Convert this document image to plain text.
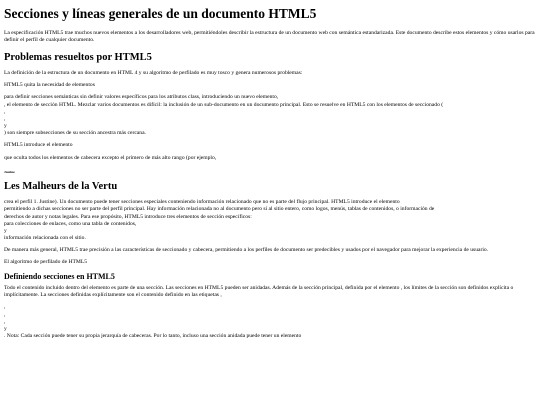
Secciones y líneas generales de un documento HTML5

La especificación HTML5 trae muchos nuevos elementos a los desarrolladores web, permitiéndoles describir la estructura de un documento web con semántica estandarizada. Este documento describe estos elementos y cómo usarlos para definir el perfil de cualquier documento.

Problemas resueltos por HTML5

La definición de la estructura de un documento en HTML 4 y su algoritmo de perfilado es muy tosco y genera numerosos problemas:

HTML5 quita la necesidad de elementos

para definir secciones semánticas sin definir valores específicos para los atributos class, introduciendo un nuevo elemento,
, el elemento de sección HTML. Mezclar varios documentos es difícil: la inclusión de un sub-documento en un documento principal. Esto se resuelve en HTML5 con los elementos de seccionado (
,
,
y
) son siempre subsecciones de su sección ancestra más cercana.

HTML5 introduce el elemento

que oculta todos los elementos de cabecera excepto el primero de más alto rango (por ejemplo,

Justine
Les Malheurs de la Vertu

crea el perfil 1. Justine). Un documento puede tener secciones especiales conteniendo información relacionado que no es parte del flujo principal. HTML5 introduce el elemento
permitiendo a dichas secciones no ser parte del perfil principal. Hay información relacionada no al documento pero sí al sitio entero, como logos, menús, tablas de contenidos, o información de
derechos de autor y notas legales. Para ese propósito, HTML5 introduce tres elementos de sección específicos:
para colecciones de enlaces, como una tabla de contenidos,
y
información relacionada con el sitio.

De manera más general, HTML5 trae precisión a las características de seccionado y cabecera, permitiendo a los perfiles de documento ser predecibles y usados por el navegador para mejorar la experiencia de usuario.

El algoritmo de perfilado de HTML5

Definiendo secciones en HTML5

Todo el contenido incluido dentro del elemento es parte de una sección. Las secciones en HTML5 pueden ser anidadas. Además de la sección principal, definida por el elemento , los límites de la sección son definidos explícita o implícitamente. La secciones definidas explícitamente son el contenido definido en las etiquetas ,

,
,
,
y
. Nota: Cada sección puede tener su propia jerarquía de cabeceras. Por lo tanto, incluso una sección anidada puede tener un elemento
